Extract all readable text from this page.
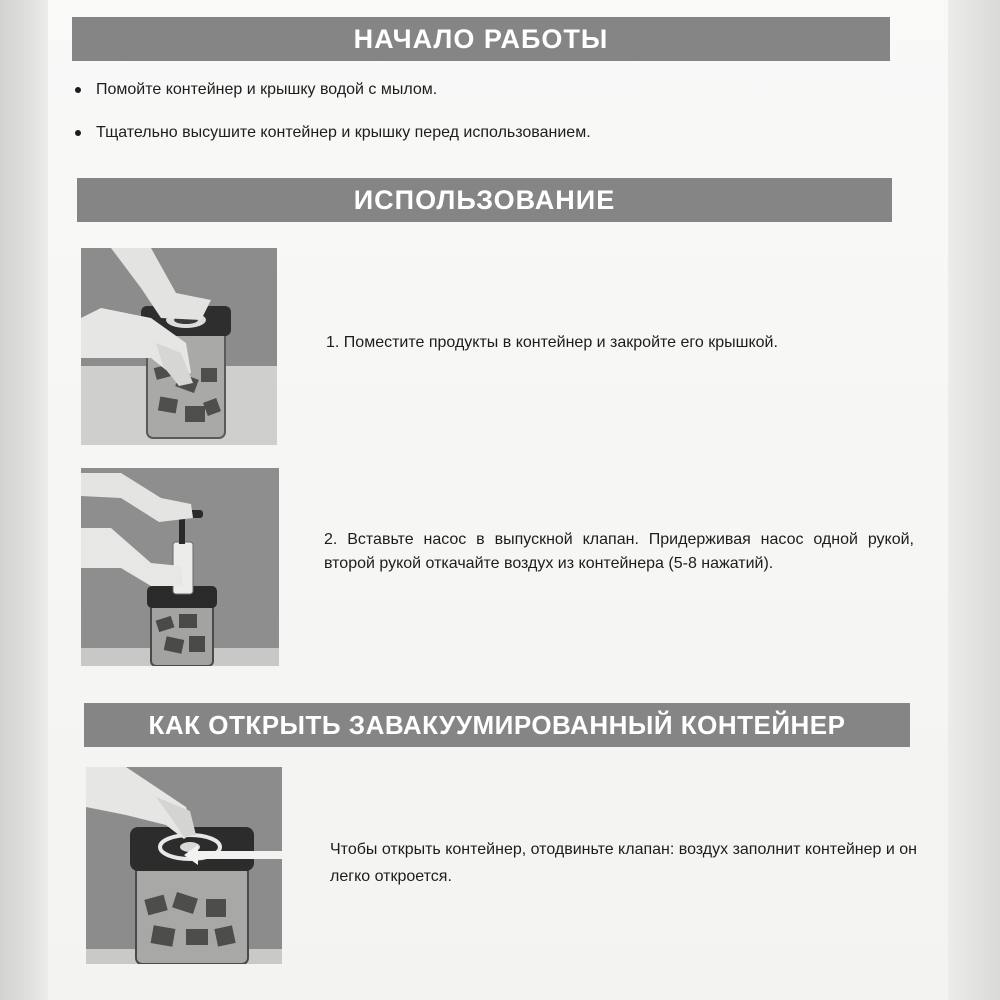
НАЧАЛО РАБОТЫ
Помойте контейнер и крышку водой с мылом.
Тщательно высушите контейнер и крышку перед использованием.
ИСПОЛЬЗОВАНИЕ

1. Поместите продукты в контейнер и закройте его крышкой.

2. Вставьте насос в выпускной клапан. Придерживая насос одной рукой, второй рукой откачайте воздух из контейнера (5-8 нажатий).

КАК ОТКРЫТЬ ЗАВАКУУМИРОВАННЫЙ КОНТЕЙНЕР

Чтобы открыть контейнер, отодвиньте клапан: воздух заполнит контейнер и он легко откроется.
